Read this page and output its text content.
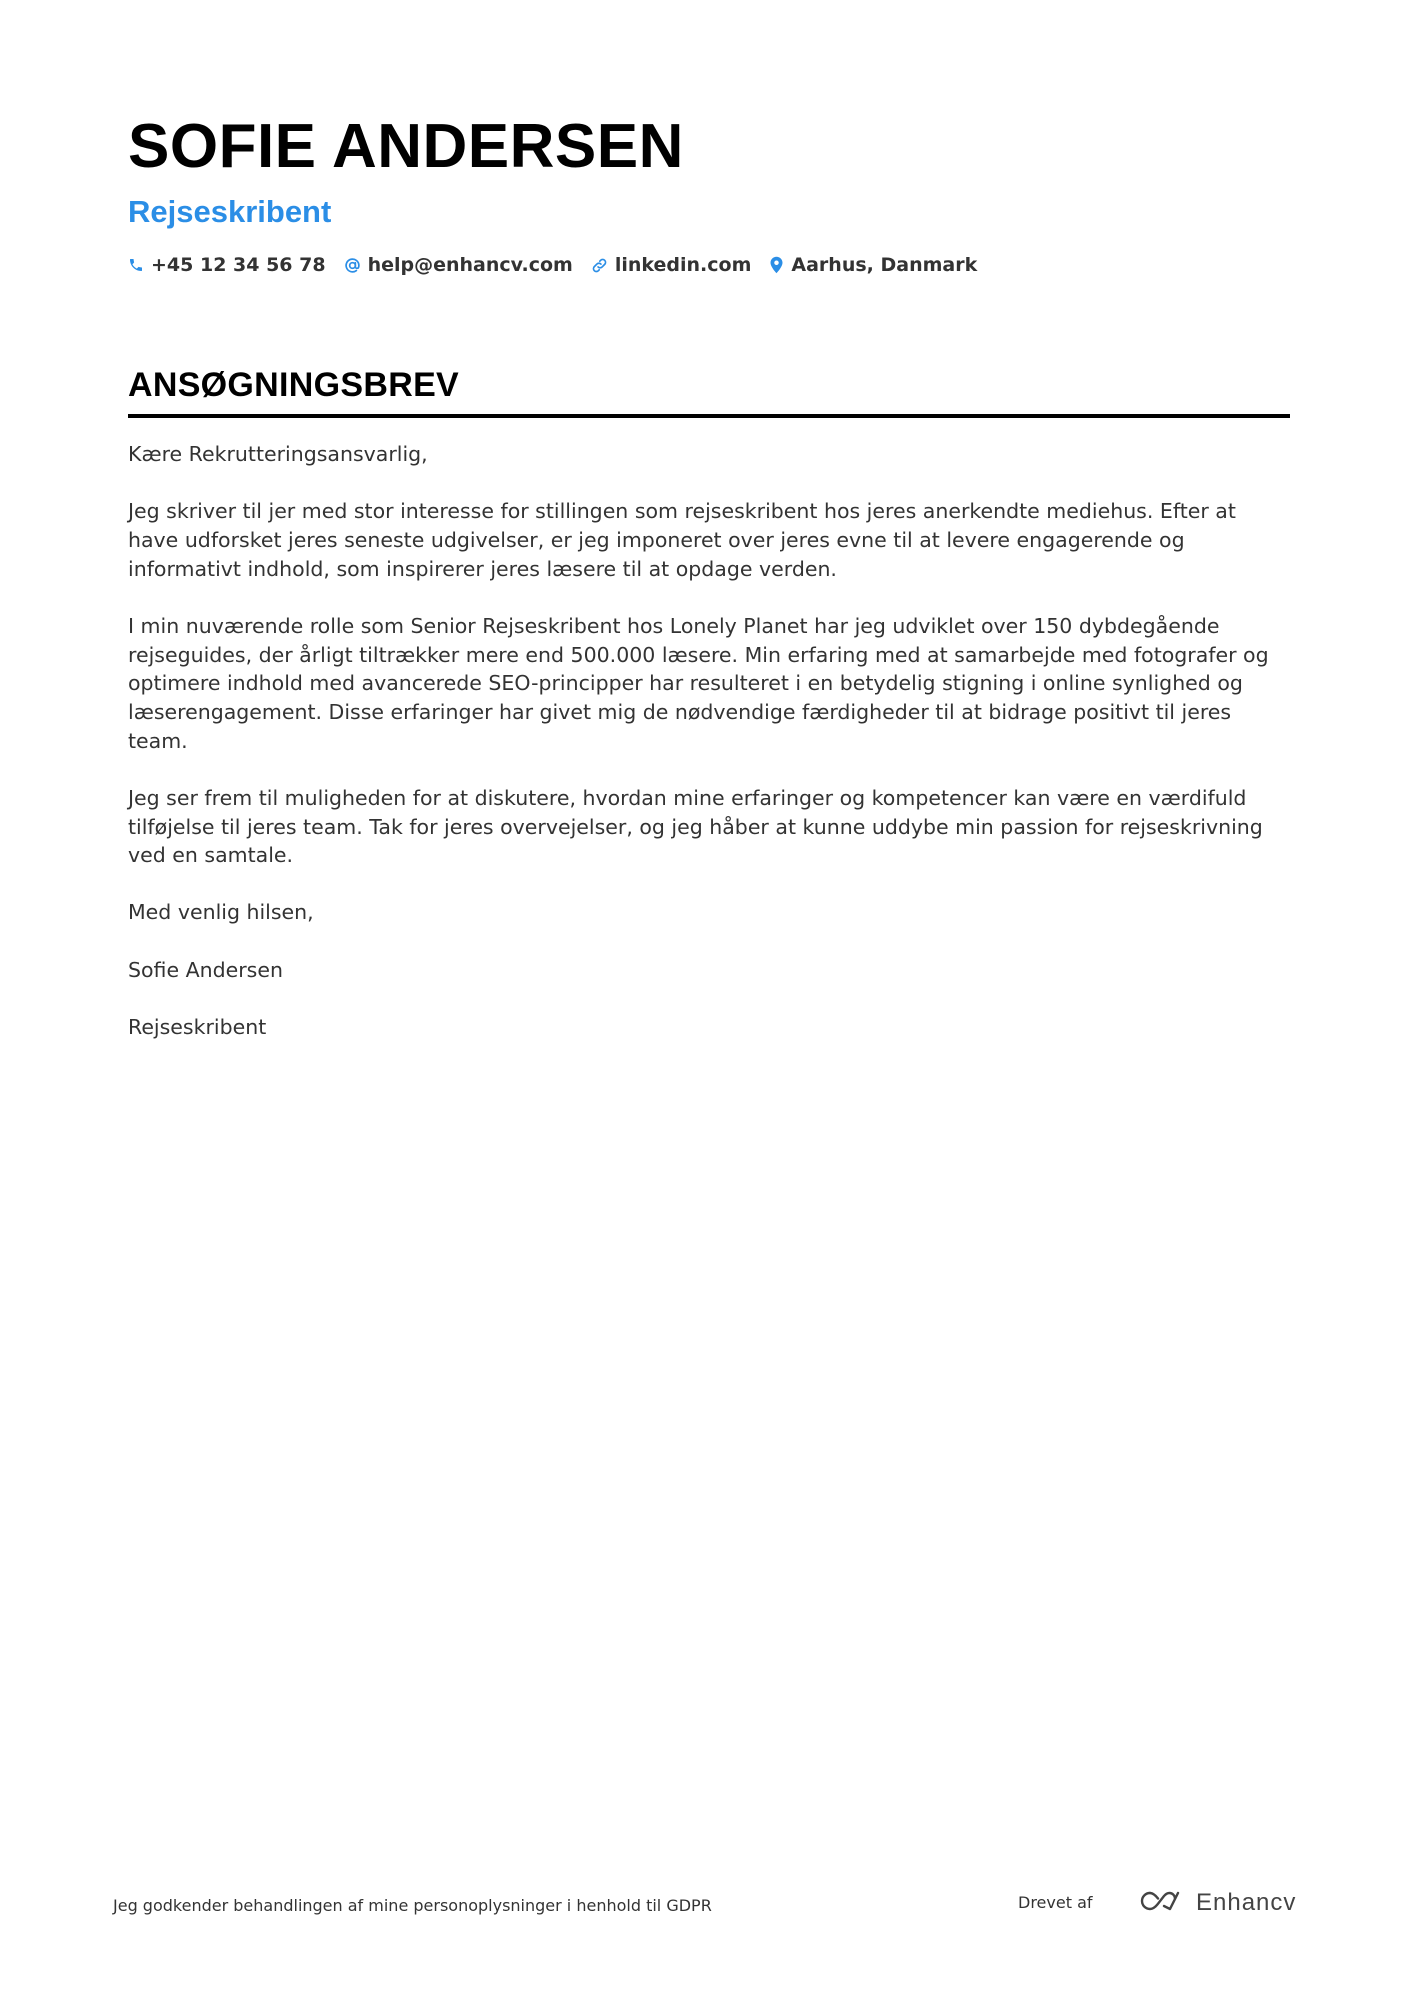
SOFIE ANDERSEN
Rejseskribent
+45 12 34 56 78 help@enhancv.com linkedin.com Aarhus, Danmark
ANSØGNINGSBREV

Kære Rekrutteringsansvarlig,

Jeg skriver til jer med stor interesse for stillingen som rejseskribent hos jeres anerkendte mediehus. Efter at have udforsket jeres seneste udgivelser, er jeg imponeret over jeres evne til at levere engagerende og informativt indhold, som inspirerer jeres læsere til at opdage verden.

I min nuværende rolle som Senior Rejseskribent hos Lonely Planet har jeg udviklet over 150 dybdegående rejseguides, der årligt tiltrækker mere end 500.000 læsere. Min erfaring med at samarbejde med fotografer og optimere indhold med avancerede SEO-principper har resulteret i en betydelig stigning i online synlighed og læserengagement. Disse erfaringer har givet mig de nødvendige færdigheder til at bidrage positivt til jeres team.

Jeg ser frem til muligheden for at diskutere, hvordan mine erfaringer og kompetencer kan være en værdifuld tilføjelse til jeres team. Tak for jeres overvejelser, og jeg håber at kunne uddybe min passion for rejseskrivning ved en samtale.

Med venlig hilsen,

Sofie Andersen

Rejseskribent

Jeg godkender behandlingen af mine personoplysninger i henhold til GDPR	Drevet af	Enhancv
